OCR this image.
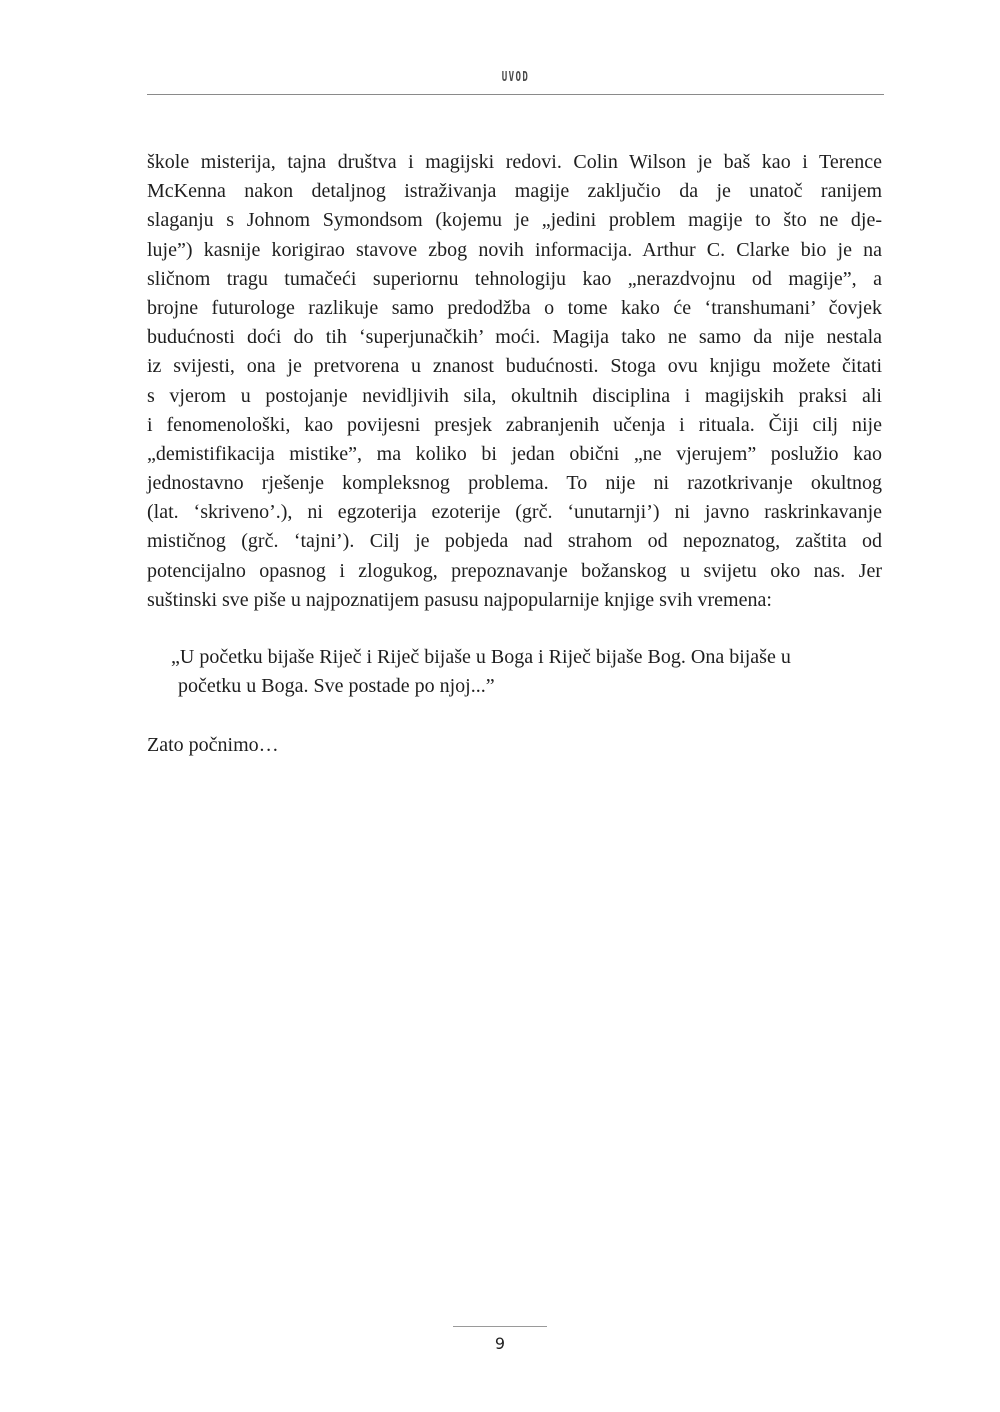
UVOD
škole misterija, tajna društva i magijski redovi. Colin Wilson je baš kao i Terence
McKenna nakon detaljnog istraživanja magije zaključio da je unatoč ranijem
slaganju s Johnom Symondsom (kojemu je „jedini problem magije to što ne dje-
luje”) kasnije korigirao stavove zbog novih informacija. Arthur C. Clarke bio je na
sličnom tragu tumačeći superiornu tehnologiju kao „nerazdvojnu od magije”, a
brojne futurologe razlikuje samo predodžba o tome kako će ‘transhumani’ čovjek
budućnosti doći do tih ‘superjunačkih’ moći. Magija tako ne samo da nije nestala
iz svijesti, ona je pretvorena u znanost budućnosti. Stoga ovu knjigu možete čitati
s vjerom u postojanje nevidljivih sila, okultnih disciplina i magijskih praksi ali
i fenomenološki, kao povijesni presjek zabranjenih učenja i rituala. Čiji cilj nije
„demistifikacija mistike”, ma koliko bi jedan obični „ne vjerujem” poslužio kao
jednostavno rješenje kompleksnog problema. To nije ni razotkrivanje okultnog
(lat. ‘skriveno’.), ni egzoterija ezoterije (grč. ‘unutarnji’) ni javno raskrinkavanje
mističnog (grč. ‘tajni’). Cilj je pobjeda nad strahom od nepoznatog, zaštita od
potencijalno opasnog i zlogukog, prepoznavanje božanskog u svijetu oko nas. Jer
suštinski sve piše u najpoznatijem pasusu najpopularnije knjige svih vremena:
„U početku bijaše Riječ i Riječ bijaše u Boga i Riječ bijaše Bog. Ona bijaše u
početku u Boga. Sve postade po njoj...”
Zato počnimo…
9
